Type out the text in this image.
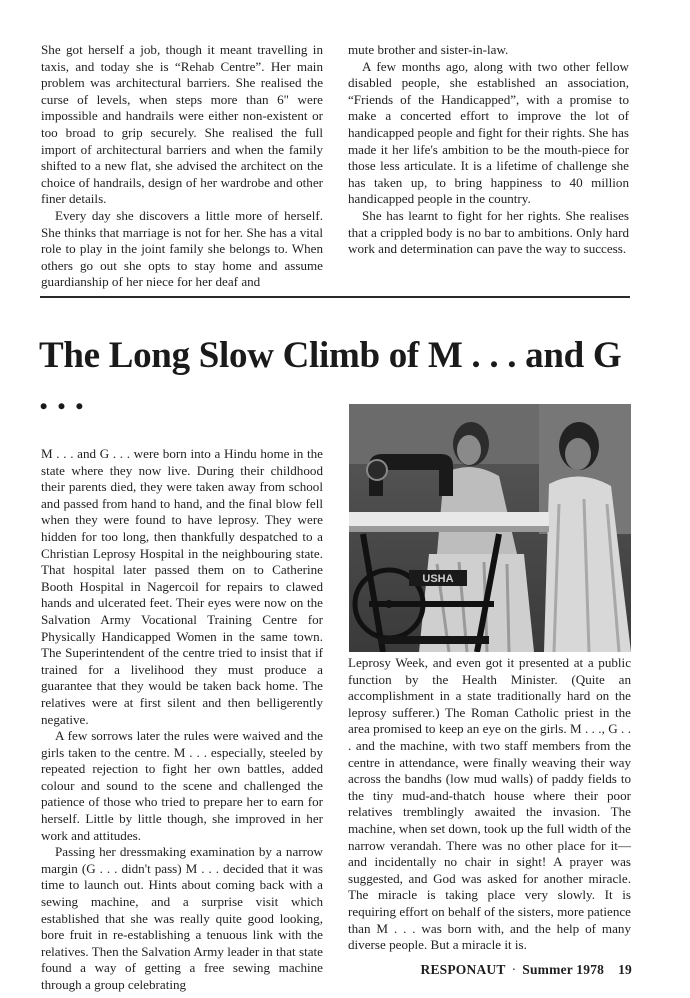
She got herself a job, though it meant travelling in taxis, and today she is “Rehab Centre”. Her main problem was architectural barriers. She realised the curse of levels, when steps more than 6" were impossible and handrails were either non-existent or too broad to grip securely. She realised the full import of architectural barriers and when the family shifted to a new flat, she advised the architect on the choice of handrails, design of her wardrobe and other finer details.

Every day she discovers a little more of herself. She thinks that marriage is not for her. She has a vital role to play in the joint family she belongs to. When others go out she opts to stay home and assume guardianship of her niece for her deaf and

mute brother and sister-in-law.

A few months ago, along with two other fellow disabled people, she established an association, “Friends of the Handicapped”, with a promise to make a concerted effort to improve the lot of handicapped people and fight for their rights. She has made it her life's ambition to be the mouth-piece for those less articulate. It is a lifetime of challenge she has taken up, to bring happiness to 40 million handicapped people in the country.

She has learnt to fight for her rights. She realises that a crippled body is no bar to ambitions. Only hard work and determination can pave the way to success.

The Long Slow Climb of M . . . and G . . .

M . . . and G . . . were born into a Hindu home in the state where they now live. During their childhood their parents died, they were taken away from school and passed from hand to hand, and the final blow fell when they were found to have leprosy. They were hidden for too long, then thankfully despatched to a Christian Leprosy Hospital in the neighbouring state. That hospital later passed them on to Catherine Booth Hospital in Nagercoil for repairs to clawed hands and ulcerated feet. Their eyes were now on the Salvation Army Vocational Training Centre for Physically Handicapped Women in the same town. The Superintendent of the centre tried to insist that if trained for a livelihood they must produce a guarantee that they would be taken back home. The relatives were at first silent and then belligerently negative.

A few sorrows later the rules were waived and the girls taken to the centre. M . . . especially, steeled by repeated rejection to fight her own battles, added colour and sound to the scene and challenged the patience of those who tried to prepare her to earn for herself. Little by little though, she improved in her work and attitudes.

Passing her dressmaking examination by a narrow margin (G . . . didn't pass) M . . . decided that it was time to launch out. Hints about coming back with a sewing machine, and a surprise visit which established that she was really quite good looking, bore fruit in re-establishing a tenuous link with the relatives. Then the Salvation Army leader in that state found a way of getting a free sewing machine through a group celebrating

USHA

Leprosy Week, and even got it presented at a public function by the Health Minister. (Quite an accomplishment in a state traditionally hard on the leprosy sufferer.) The Roman Catholic priest in the area promised to keep an eye on the girls. M . . ., G . . . and the machine, with two staff members from the centre in attendance, were finally weaving their way across the bandhs (low mud walls) of paddy fields to the tiny mud-and-thatch house where their poor relatives tremblingly awaited the invasion. The machine, when set down, took up the full width of the narrow verandah. There was no other place for it—and incidentally no chair in sight! A prayer was suggested, and God was asked for another miracle. The miracle is taking place very slowly. It is requiring effort on behalf of the sisters, more patience than M . . . was born with, and the help of many diverse people. But a miracle it is.

RESPONAUT · Summer 1978 19
